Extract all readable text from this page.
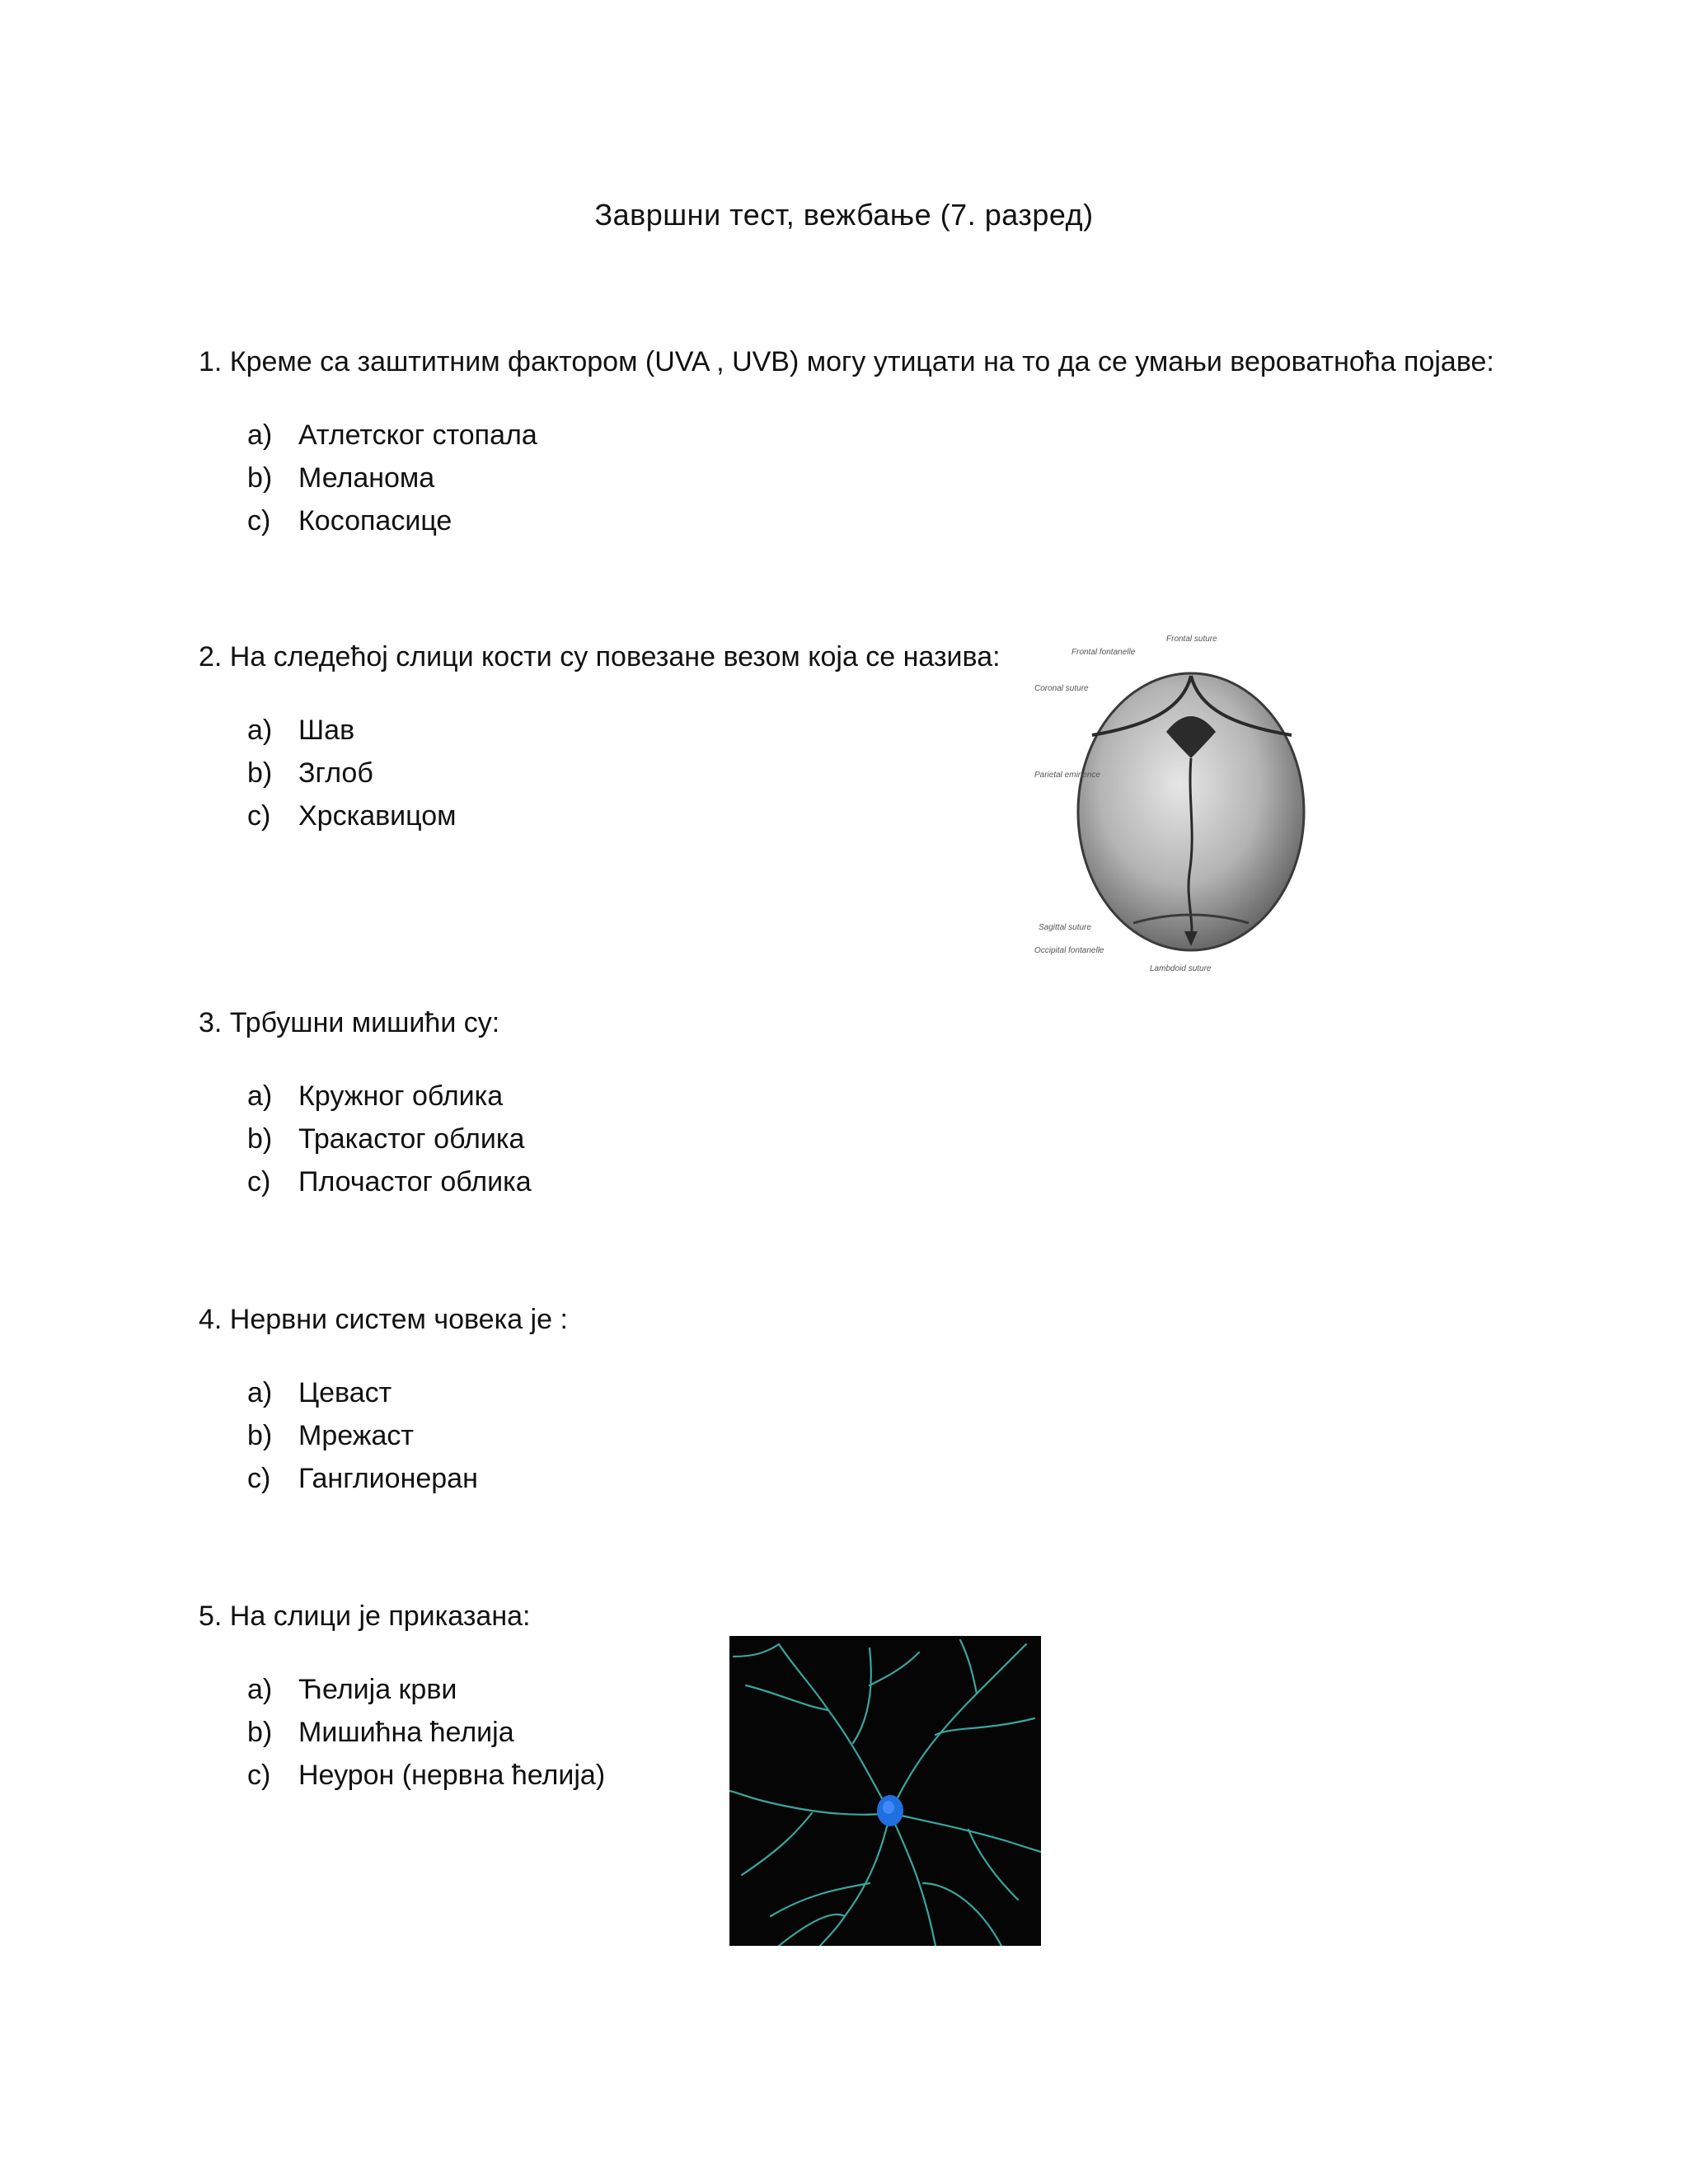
Завршни тест, вежбање (7. разред)
1. Креме са заштитним фактором (UVA , UVB) могу утицати на то да се умањи вероватноћа појаве:
a) Атлетског стопала
b) Меланома
c) Косопасице
2. На следећој слици кости су повезане везом која се назива:
a) Шав
b) Зглоб
c) Хрскавицом
Frontal suture
Frontal fontanelle
Coronal suture
Parietal eminence
Sagittal suture
Occipital fontanelle
Lambdoid suture
3. Трбушни мишићи су:
a) Кружног облика
b) Тракастог облика
c) Плочастог облика
4. Нервни систем човека је :
a) Цеваст
b) Мрежаст
c) Ганглионеран
5. На слици је приказана:
a) Ћелија крви
b) Мишићна ћелија
c) Неурон (нервна ћелија)
